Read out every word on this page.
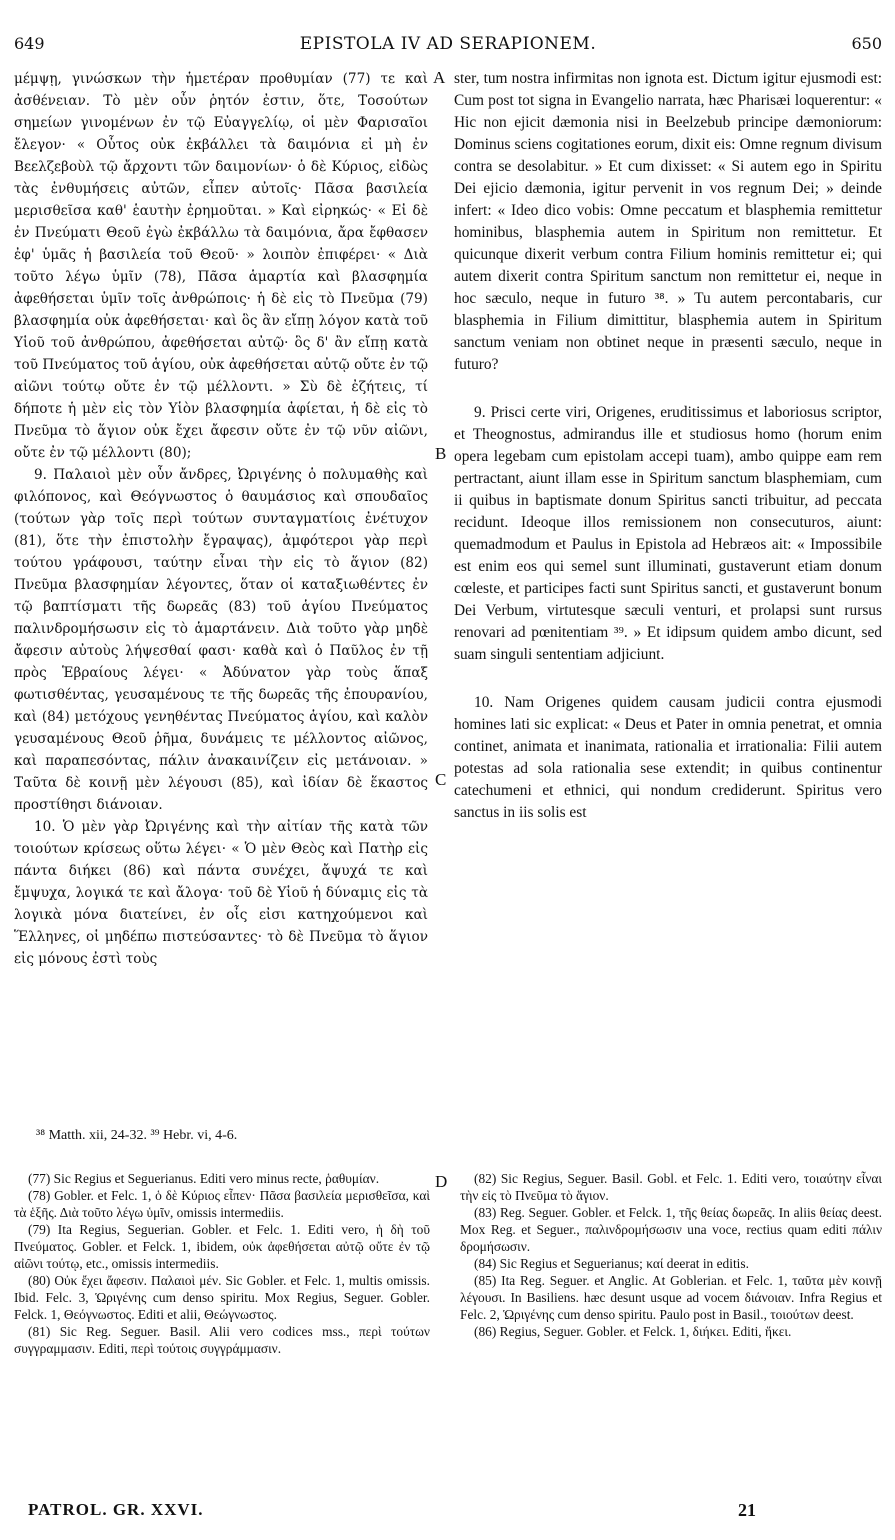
649	EPISTOLA IV AD SERAPIONEM.	650

μέμψῃ, γινώσκων τὴν ἡμετέραν προθυμίαν (77) τε καὶ ἀσθένειαν. Τὸ μὲν οὖν ῥητόν ἐστιν, ὅτε, Τοσούτων σημείων γινομένων ἐν τῷ Εὐαγγελίῳ, οἱ μὲν Φαρισαῖοι ἔλεγον· « Οὗτος οὐκ ἐκβάλλει τὰ δαιμόνια εἰ μὴ ἐν Βεελζεβοὺλ τῷ ἄρχοντι τῶν δαιμονίων· ὁ δὲ Κύριος, εἰδὼς τὰς ἐνθυμήσεις αὐτῶν, εἶπεν αὐτοῖς· Πᾶσα βασιλεία μερισθεῖσα καθ' ἑαυτὴν ἐρημοῦται. » Καὶ εἰρηκώς· « Εἰ δὲ ἐν Πνεύματι Θεοῦ ἐγὼ ἐκβάλλω τὰ δαιμόνια, ἄρα ἔφθασεν ἐφ' ὑμᾶς ἡ βασιλεία τοῦ Θεοῦ· » λοιπὸν ἐπιφέρει· « Διὰ τοῦτο λέγω ὑμῖν (78), Πᾶσα ἁμαρτία καὶ βλασφημία ἀφεθήσεται ὑμῖν τοῖς ἀνθρώποις· ἡ δὲ εἰς τὸ Πνεῦμα (79) βλασφημία οὐκ ἀφεθήσεται· καὶ ὃς ἂν εἴπῃ λόγον κατὰ τοῦ Υἱοῦ τοῦ ἀνθρώπου, ἀφεθήσεται αὐτῷ· ὃς δ' ἂν εἴπῃ κατὰ τοῦ Πνεύματος τοῦ ἁγίου, οὐκ ἀφεθήσεται αὐτῷ οὔτε ἐν τῷ αἰῶνι τούτῳ οὔτε ἐν τῷ μέλλοντι. » Σὺ δὲ ἐζήτεις, τί δήποτε ἡ μὲν εἰς τὸν Υἱὸν βλασφημία ἀφίεται, ἡ δὲ εἰς τὸ Πνεῦμα τὸ ἅγιον οὐκ ἔχει ἄφεσιν οὔτε ἐν τῷ νῦν αἰῶνι, οὔτε ἐν τῷ μέλλοντι (80);

9. Παλαιοὶ μὲν οὖν ἄνδρες, Ὠριγένης ὁ πολυμαθὴς καὶ φιλόπονος, καὶ Θεόγνωστος ὁ θαυμάσιος καὶ σπουδαῖος (τούτων γὰρ τοῖς περὶ τούτων συνταγματίοις ἐνέτυχον (81), ὅτε τὴν ἐπιστολὴν ἔγραψας), ἀμφότεροι γὰρ περὶ τούτου γράφουσι, ταύτην εἶναι τὴν εἰς τὸ ἅγιον (82) Πνεῦμα βλασφημίαν λέγοντες, ὅταν οἱ καταξιωθέντες ἐν τῷ βαπτίσματι τῆς δωρεᾶς (83) τοῦ ἁγίου Πνεύματος παλινδρομήσωσιν εἰς τὸ ἁμαρτάνειν. Διὰ τοῦτο γὰρ μηδὲ ἄφεσιν αὐτοὺς λήψεσθαί φασι· καθὰ καὶ ὁ Παῦλος ἐν τῇ πρὸς Ἑβραίους λέγει· « Ἀδύνατον γὰρ τοὺς ἅπαξ φωτισθέντας, γευσαμένους τε τῆς δωρεᾶς τῆς ἐπουρανίου, καὶ (84) μετόχους γενηθέντας Πνεύματος ἁγίου, καὶ καλὸν γευσαμένους Θεοῦ ῥῆμα, δυνάμεις τε μέλλοντος αἰῶνος, καὶ παραπεσόντας, πάλιν ἀνακαινίζειν εἰς μετάνοιαν. » Ταῦτα δὲ κοινῇ μὲν λέγουσι (85), καὶ ἰδίαν δὲ ἕκαστος προστίθησι διάνοιαν.

10. Ὁ μὲν γὰρ Ὠριγένης καὶ τὴν αἰτίαν τῆς κατὰ τῶν τοιούτων κρίσεως οὕτω λέγει· « Ὁ μὲν Θεὸς καὶ Πατὴρ εἰς πάντα διήκει (86) καὶ πάντα συνέχει, ἄψυχά τε καὶ ἔμψυχα, λογικά τε καὶ ἄλογα· τοῦ δὲ Υἱοῦ ἡ δύναμις εἰς τὰ λογικὰ μόνα διατείνει, ἐν οἷς εἰσι κατηχούμενοι καὶ Ἕλληνες, οἱ μηδέπω πιστεύσαντες· τὸ δὲ Πνεῦμα τὸ ἅγιον εἰς μόνους ἐστὶ τοὺς

A
B
C
D

ster, tum nostra infirmitas non ignota est. Dictum igitur ejusmodi est: Cum post tot signa in Evangelio narrata, hæc Pharisæi loquerentur: « Hic non ejicit dæmonia nisi in Beelzebub principe dæmoniorum: Dominus sciens cogitationes eorum, dixit eis: Omne regnum divisum contra se desolabitur. » Et cum dixisset: « Si autem ego in Spiritu Dei ejicio dæmonia, igitur pervenit in vos regnum Dei; » deinde infert: « Ideo dico vobis: Omne peccatum et blasphemia remittetur hominibus, blasphemia autem in Spiritum non remittetur. Et quicunque dixerit verbum contra Filium hominis remittetur ei; qui autem dixerit contra Spiritum sanctum non remittetur ei, neque in hoc sæculo, neque in futuro ³⁸. » Tu autem percontabaris, cur blasphemia in Filium dimittitur, blasphemia autem in Spiritum sanctum veniam non obtinet neque in præsenti sæculo, neque in futuro?

9. Prisci certe viri, Origenes, eruditissimus et laboriosus scriptor, et Theognostus, admirandus ille et studiosus homo (horum enim opera legebam cum epistolam accepi tuam), ambo quippe eam rem pertractant, aiunt illam esse in Spiritum sanctum blasphemiam, cum ii quibus in baptismate donum Spiritus sancti tribuitur, ad peccata recidunt. Ideoque illos remissionem non consecuturos, aiunt: quemadmodum et Paulus in Epistola ad Hebræos ait: « Impossibile est enim eos qui semel sunt illuminati, gustaverunt etiam donum cœleste, et participes facti sunt Spiritus sancti, et gustaverunt bonum Dei Verbum, virtutesque sæculi venturi, et prolapsi sunt rursus renovari ad pœnitentiam ³⁹. » Et idipsum quidem ambo dicunt, sed suam singuli sententiam adjiciunt.

10. Nam Origenes quidem causam judicii contra ejusmodi homines lati sic explicat: « Deus et Pater in omnia penetrat, et omnia continet, animata et inanimata, rationalia et irrationalia: Filii autem potestas ad sola rationalia sese extendit; in quibus continentur catechumeni et ethnici, qui nondum crediderunt. Spiritus vero sanctus in iis solis est

³⁸ Matth. xii, 24-32. ³⁹ Hebr. vi, 4-6.

(77) Sic Regius et Seguerianus. Editi vero minus recte, ῥαθυμίαν.

(78) Gobler. et Felc. 1, ὁ δὲ Κύριος εἶπεν· Πᾶσα βασιλεία μερισθεῖσα, καὶ τὰ ἑξῆς. Διὰ τοῦτο λέγω ὑμῖν, omissis intermediis.

(79) Ita Regius, Seguerian. Gobler. et Felc. 1. Editi vero, ἡ δὴ τοῦ Πνεύματος. Gobler. et Felck. 1, ibidem, οὐκ ἀφεθήσεται αὐτῷ οὔτε ἐν τῷ αἰῶνι τούτῳ, etc., omissis intermediis.

(80) Οὐκ ἔχει ἄφεσιν. Παλαιοὶ μέν. Sic Gobler. et Felc. 1, multis omissis. Ibid. Felc. 3, Ὡριγένης cum denso spiritu. Mox Regius, Seguer. Gobler. Felck. 1, Θεόγνωστος. Editi et alii, Θεώγνωστος.

(81) Sic Reg. Seguer. Basil. Alii vero codices mss., περὶ τούτων συγγραμμασιν. Editi, περὶ τούτοις συγγράμμασιν.

(82) Sic Regius, Seguer. Basil. Gobl. et Felc. 1. Editi vero, τοιαύτην εἶναι τὴν εἰς τὸ Πνεῦμα τὸ ἅγιον.

(83) Reg. Seguer. Gobler. et Felck. 1, τῆς θείας δωρεᾶς. In aliis θείας deest. Mox Reg. et Seguer., παλινδρομήσωσιν una voce, rectius quam editi πάλιν δρομήσωσιν.

(84) Sic Regius et Seguerianus; καί deerat in editis.

(85) Ita Reg. Seguer. et Anglic. At Goblerian. et Felc. 1, ταῦτα μὲν κοινῇ λέγουσι. In Basiliens. hæc desunt usque ad vocem διάνοιαν. Infra Regius et Felc. 2, Ὡριγένης cum denso spiritu. Paulo post in Basil., τοιούτων deest.

(86) Regius, Seguer. Gobler. et Felck. 1, διήκει. Editi, ἥκει.

PATROL. GR. XXVI.	21
